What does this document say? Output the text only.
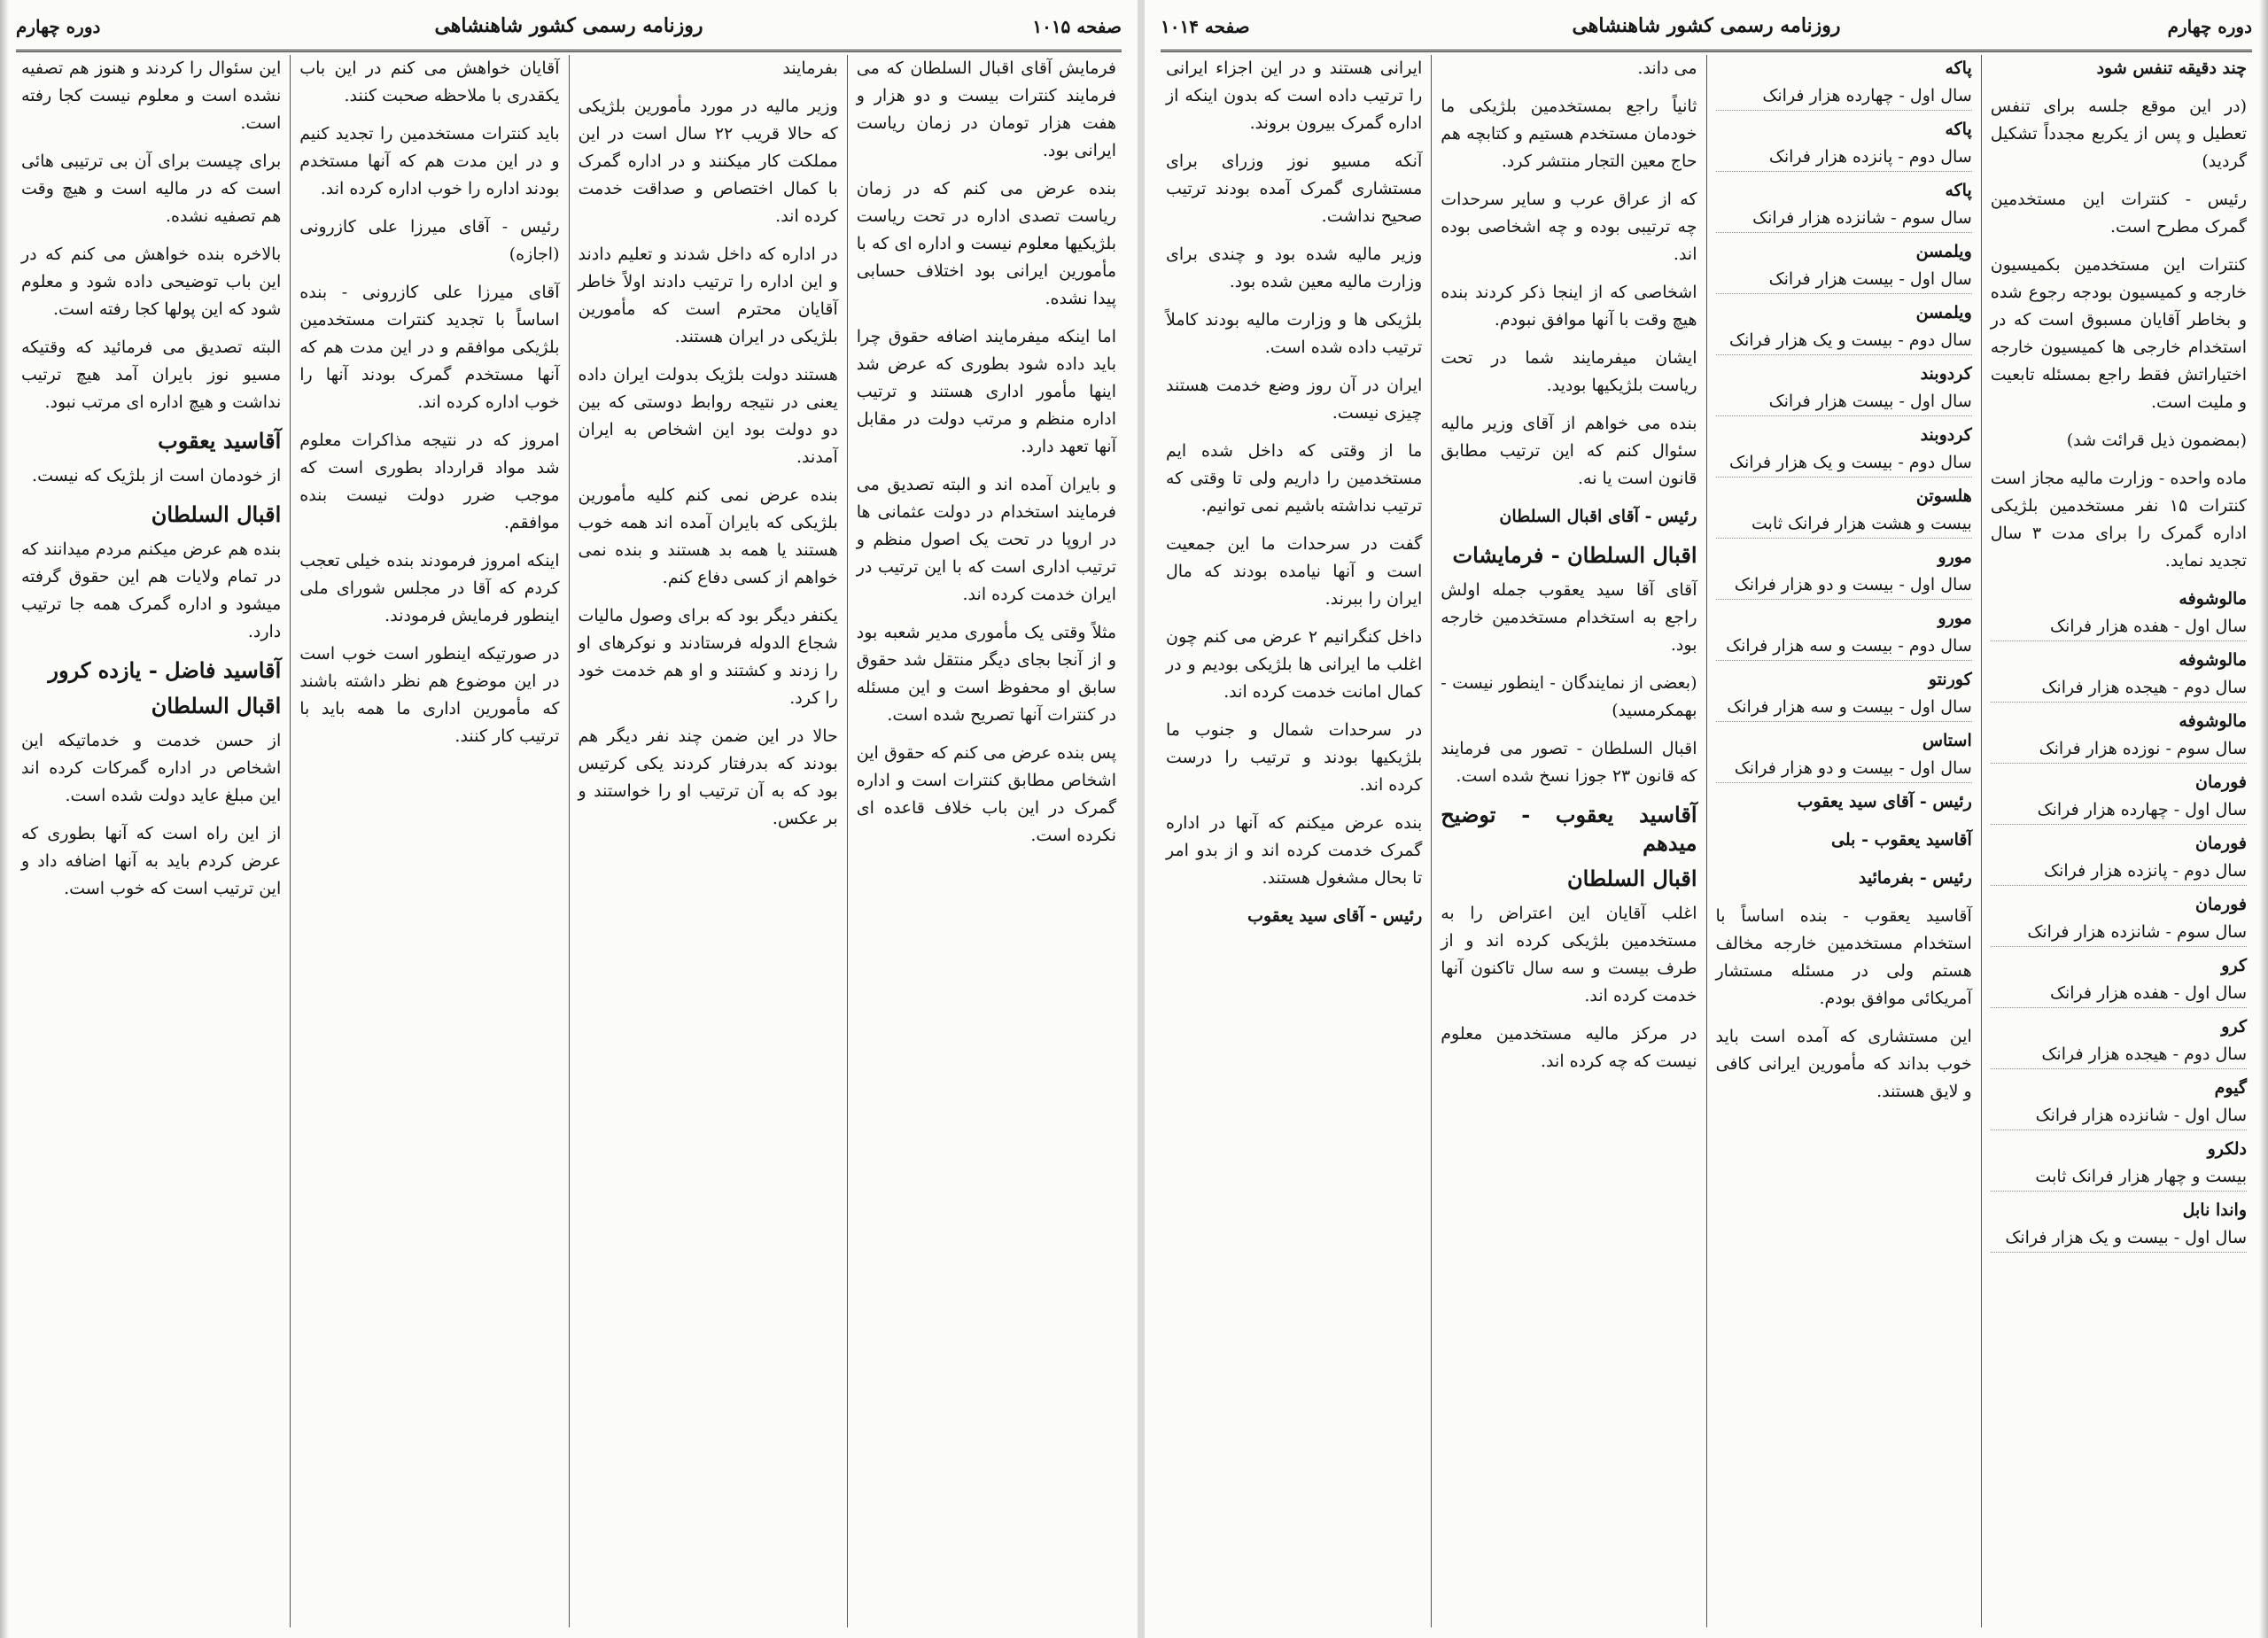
دوره چهارم	روزنامه رسمی کشور شاهنشاهی	صفحه ۱۰۱۵

فرمایش آقای اقبال السلطان که می فرمایند کنترات بیست و دو هزار و هفت هزار تومان در زمان ریاست ایرانی بود.

بنده عرض می کنم که در زمان ریاست تصدی اداره در تحت ریاست بلژیکیها معلوم نیست و اداره ای که با مأمورین ایرانی بود اختلاف حسابی پیدا نشده.

اما اینکه میفرمایند اضافه حقوق چرا باید داده شود بطوری که عرض شد اینها مأمور اداری هستند و ترتیب اداره منظم و مرتب دولت در مقابل آنها تعهد دارد.

و بایران آمده اند و البته تصدیق می فرمایند استخدام در دولت عثمانی ها در اروپا در تحت یک اصول منظم و ترتیب اداری است که با این ترتیب در ایران خدمت کرده اند.

مثلاً وقتی یک مأموری مدیر شعبه بود و از آنجا بجای دیگر منتقل شد حقوق سابق او محفوظ است و این مسئله در کنترات آنها تصریح شده است.

پس بنده عرض می کنم که حقوق این اشخاص مطابق کنترات است و اداره گمرک در این باب خلاف قاعده ای نکرده است.

بفرمایند

وزیر مالیه در مورد مأمورین بلژیکی که حالا قریب ۲۲ سال است در این مملکت کار میکنند و در اداره گمرک با کمال اختصاص و صداقت خدمت کرده اند.

در اداره که داخل شدند و تعلیم دادند و این اداره را ترتیب دادند اولاً خاطر آقایان محترم است که مأمورین بلژیکی در ایران هستند.

هستند دولت بلژیک بدولت ایران داده یعنی در نتیجه روابط دوستی که بین دو دولت بود این اشخاص به ایران آمدند.

بنده عرض نمی کنم کلیه مأمورین بلژیکی که بایران آمده اند همه خوب هستند یا همه بد هستند و بنده نمی خواهم از کسی دفاع کنم.

یکنفر دیگر بود که برای وصول مالیات شجاع الدوله فرستادند و نوکرهای او را زدند و کشتند و او هم خدمت خود را کرد.

حالا در این ضمن چند نفر دیگر هم بودند که بدرفتار کردند یکی کرتیس بود که به آن ترتیب او را خواستند و بر عکس.

آقایان خواهش می کنم در این باب یکقدری با ملاحظه صحبت کنند.

باید کنترات مستخدمین را تجدید کنیم و در این مدت هم که آنها مستخدم بودند اداره را خوب اداره کرده اند.

رئیس - آقای میرزا علی کازرونی (اجازه)

آقای میرزا علی کازرونی - بنده اساساً با تجدید کنترات مستخدمین بلژیکی موافقم و در این مدت هم که آنها مستخدم گمرک بودند آنها را خوب اداره کرده اند.

امروز که در نتیجه مذاکرات معلوم شد مواد قرارداد بطوری است که موجب ضرر دولت نیست بنده موافقم.

اینکه امروز فرمودند بنده خیلی تعجب کردم که آقا در مجلس شورای ملی اینطور فرمایش فرمودند.

در صورتیکه اینطور است خوب است در این موضوع هم نظر داشته باشند که مأمورین اداری ما همه باید با ترتیب کار کنند.

این سئوال را کردند و هنوز هم تصفیه نشده است و معلوم نیست کجا رفته است.

برای چیست برای آن بی ترتیبی هائی است که در مالیه است و هیچ وقت هم تصفیه نشده.

بالاخره بنده خواهش می کنم که در این باب توضیحی داده شود و معلوم شود که این پولها کجا رفته است.

البته تصدیق می فرمائید که وقتیکه مسیو نوز بایران آمد هیچ ترتیب نداشت و هیچ اداره ای مرتب نبود.

آقاسید یعقوب

از خودمان است از بلژیک که نیست.

اقبال السلطان

بنده هم عرض میکنم مردم میدانند که در تمام ولایات هم این حقوق گرفته میشود و اداره گمرک همه جا ترتیب دارد.

آقاسید فاضل - یازده کرور
اقبال السلطان

از حسن خدمت و خدماتیکه این اشخاص در اداره گمرکات کرده اند این مبلغ عاید دولت شده است.

از این راه است که آنها بطوری که عرض کردم باید به آنها اضافه داد و این ترتیب است که خوب است.

صفحه ۱۰۱۴	روزنامه رسمی کشور شاهنشاهی	دوره چهارم

چند دقیقه تنفس شود

(در این موقع جلسه برای تنفس تعطیل و پس از یکربع مجدداً تشکیل گردید)

رئیس - کنترات این مستخدمین گمرک مطرح است.

کنترات این مستخدمین بکمیسیون خارجه و کمیسیون بودجه رجوع شده و بخاطر آقایان مسبوق است که در استخدام خارجی ها کمیسیون خارجه اختیاراتش فقط راجع بمسئله تابعیت و ملیت است.

(بمضمون ذیل قرائت شد)

ماده واحده - وزارت مالیه مجاز است کنترات ۱۵ نفر مستخدمین بلژیکی اداره گمرک را برای مدت ۳ سال تجدید نماید.

مالوشوفه
سال اول - هفده هزار فرانک
مالوشوفه
سال دوم - هیجده هزار فرانک
مالوشوفه
سال سوم - نوزده هزار فرانک
فورمان
سال اول - چهارده هزار فرانک
فورمان
سال دوم - پانزده هزار فرانک
فورمان
سال سوم - شانزده هزار فرانک
کرو
سال اول - هفده هزار فرانک
کرو
سال دوم - هیجده هزار فرانک
گیوم
سال اول - شانزده هزار فرانک
دلکرو
بیست و چهار هزار فرانک ثابت
واندا نابل
سال اول - بیست و یک هزار فرانک
پاکه
سال اول - چهارده هزار فرانک
پاکه
سال دوم - پانزده هزار فرانک
پاکه
سال سوم - شانزده هزار فرانک
ویلمسن
سال اول - بیست هزار فرانک
ویلمسن
سال دوم - بیست و یک هزار فرانک
کردوبند
سال اول - بیست هزار فرانک
کردوبند
سال دوم - بیست و یک هزار فرانک
هلسوتن
بیست و هشت هزار فرانک ثابت
مورو
سال اول - بیست و دو هزار فرانک
مورو
سال دوم - بیست و سه هزار فرانک
کورنتو
سال اول - بیست و سه هزار فرانک
استاس
سال اول - بیست و دو هزار فرانک

رئیس - آقای سید یعقوب

آقاسید یعقوب - بلی

رئیس - بفرمائید

آقاسید یعقوب - بنده اساساً با استخدام مستخدمین خارجه مخالف هستم ولی در مسئله مستشار آمریکائی موافق بودم.

این مستشاری که آمده است باید خوب بداند که مأمورین ایرانی کافی و لایق هستند.

می داند.

ثانیاً راجع بمستخدمین بلژیکی ما خودمان مستخدم هستیم و کتابچه هم حاج معین التجار منتشر کرد.

که از عراق عرب و سایر سرحدات چه ترتیبی بوده و چه اشخاصی بوده اند.

اشخاصی که از اینجا ذکر کردند بنده هیچ وقت با آنها موافق نبودم.

ایشان میفرمایند شما در تحت ریاست بلژیکیها بودید.

بنده می خواهم از آقای وزیر مالیه سئوال کنم که این ترتیب مطابق قانون است یا نه.

رئیس - آقای اقبال السلطان

اقبال السلطان - فرمایشات

آقای آقا سید یعقوب جمله اولش راجع به استخدام مستخدمین خارجه بود.

(بعضی از نمایندگان - اینطور نیست - بهمکرمسید)

اقبال السلطان - تصور می فرمایند که قانون ۲۳ جوزا نسخ شده است.

آقاسید یعقوب - توضیح میدهم
اقبال السلطان

اغلب آقایان این اعتراض را به مستخدمین بلژیکی کرده اند و از طرف بیست و سه سال تاکنون آنها خدمت کرده اند.

در مرکز مالیه مستخدمین معلوم نیست که چه کرده اند.

ایرانی هستند و در این اجزاء ایرانی را ترتیب داده است که بدون اینکه از اداره گمرک بیرون بروند.

آنکه مسیو نوز وزرای برای مستشاری گمرک آمده بودند ترتیب صحیح نداشت.

وزیر مالیه شده بود و چندی برای وزارت مالیه معین شده بود.

بلژیکی ها و وزارت مالیه بودند کاملاً ترتیب داده شده است.

ایران در آن روز وضع خدمت هستند چیزی نیست.

ما از وقتی که داخل شده ایم مستخدمین را داریم ولی تا وقتی که ترتیب نداشته باشیم نمی توانیم.

گفت در سرحدات ما این جمعیت است و آنها نیامده بودند که مال ایران را ببرند.

داخل کنگرانیم ۲ عرض می کنم چون اغلب ما ایرانی ها بلژیکی بودیم و در کمال امانت خدمت کرده اند.

در سرحدات شمال و جنوب ما بلژیکیها بودند و ترتیب را درست کرده اند.

بنده عرض میکنم که آنها در اداره گمرک خدمت کرده اند و از بدو امر تا بحال مشغول هستند.

رئیس - آقای سید یعقوب
